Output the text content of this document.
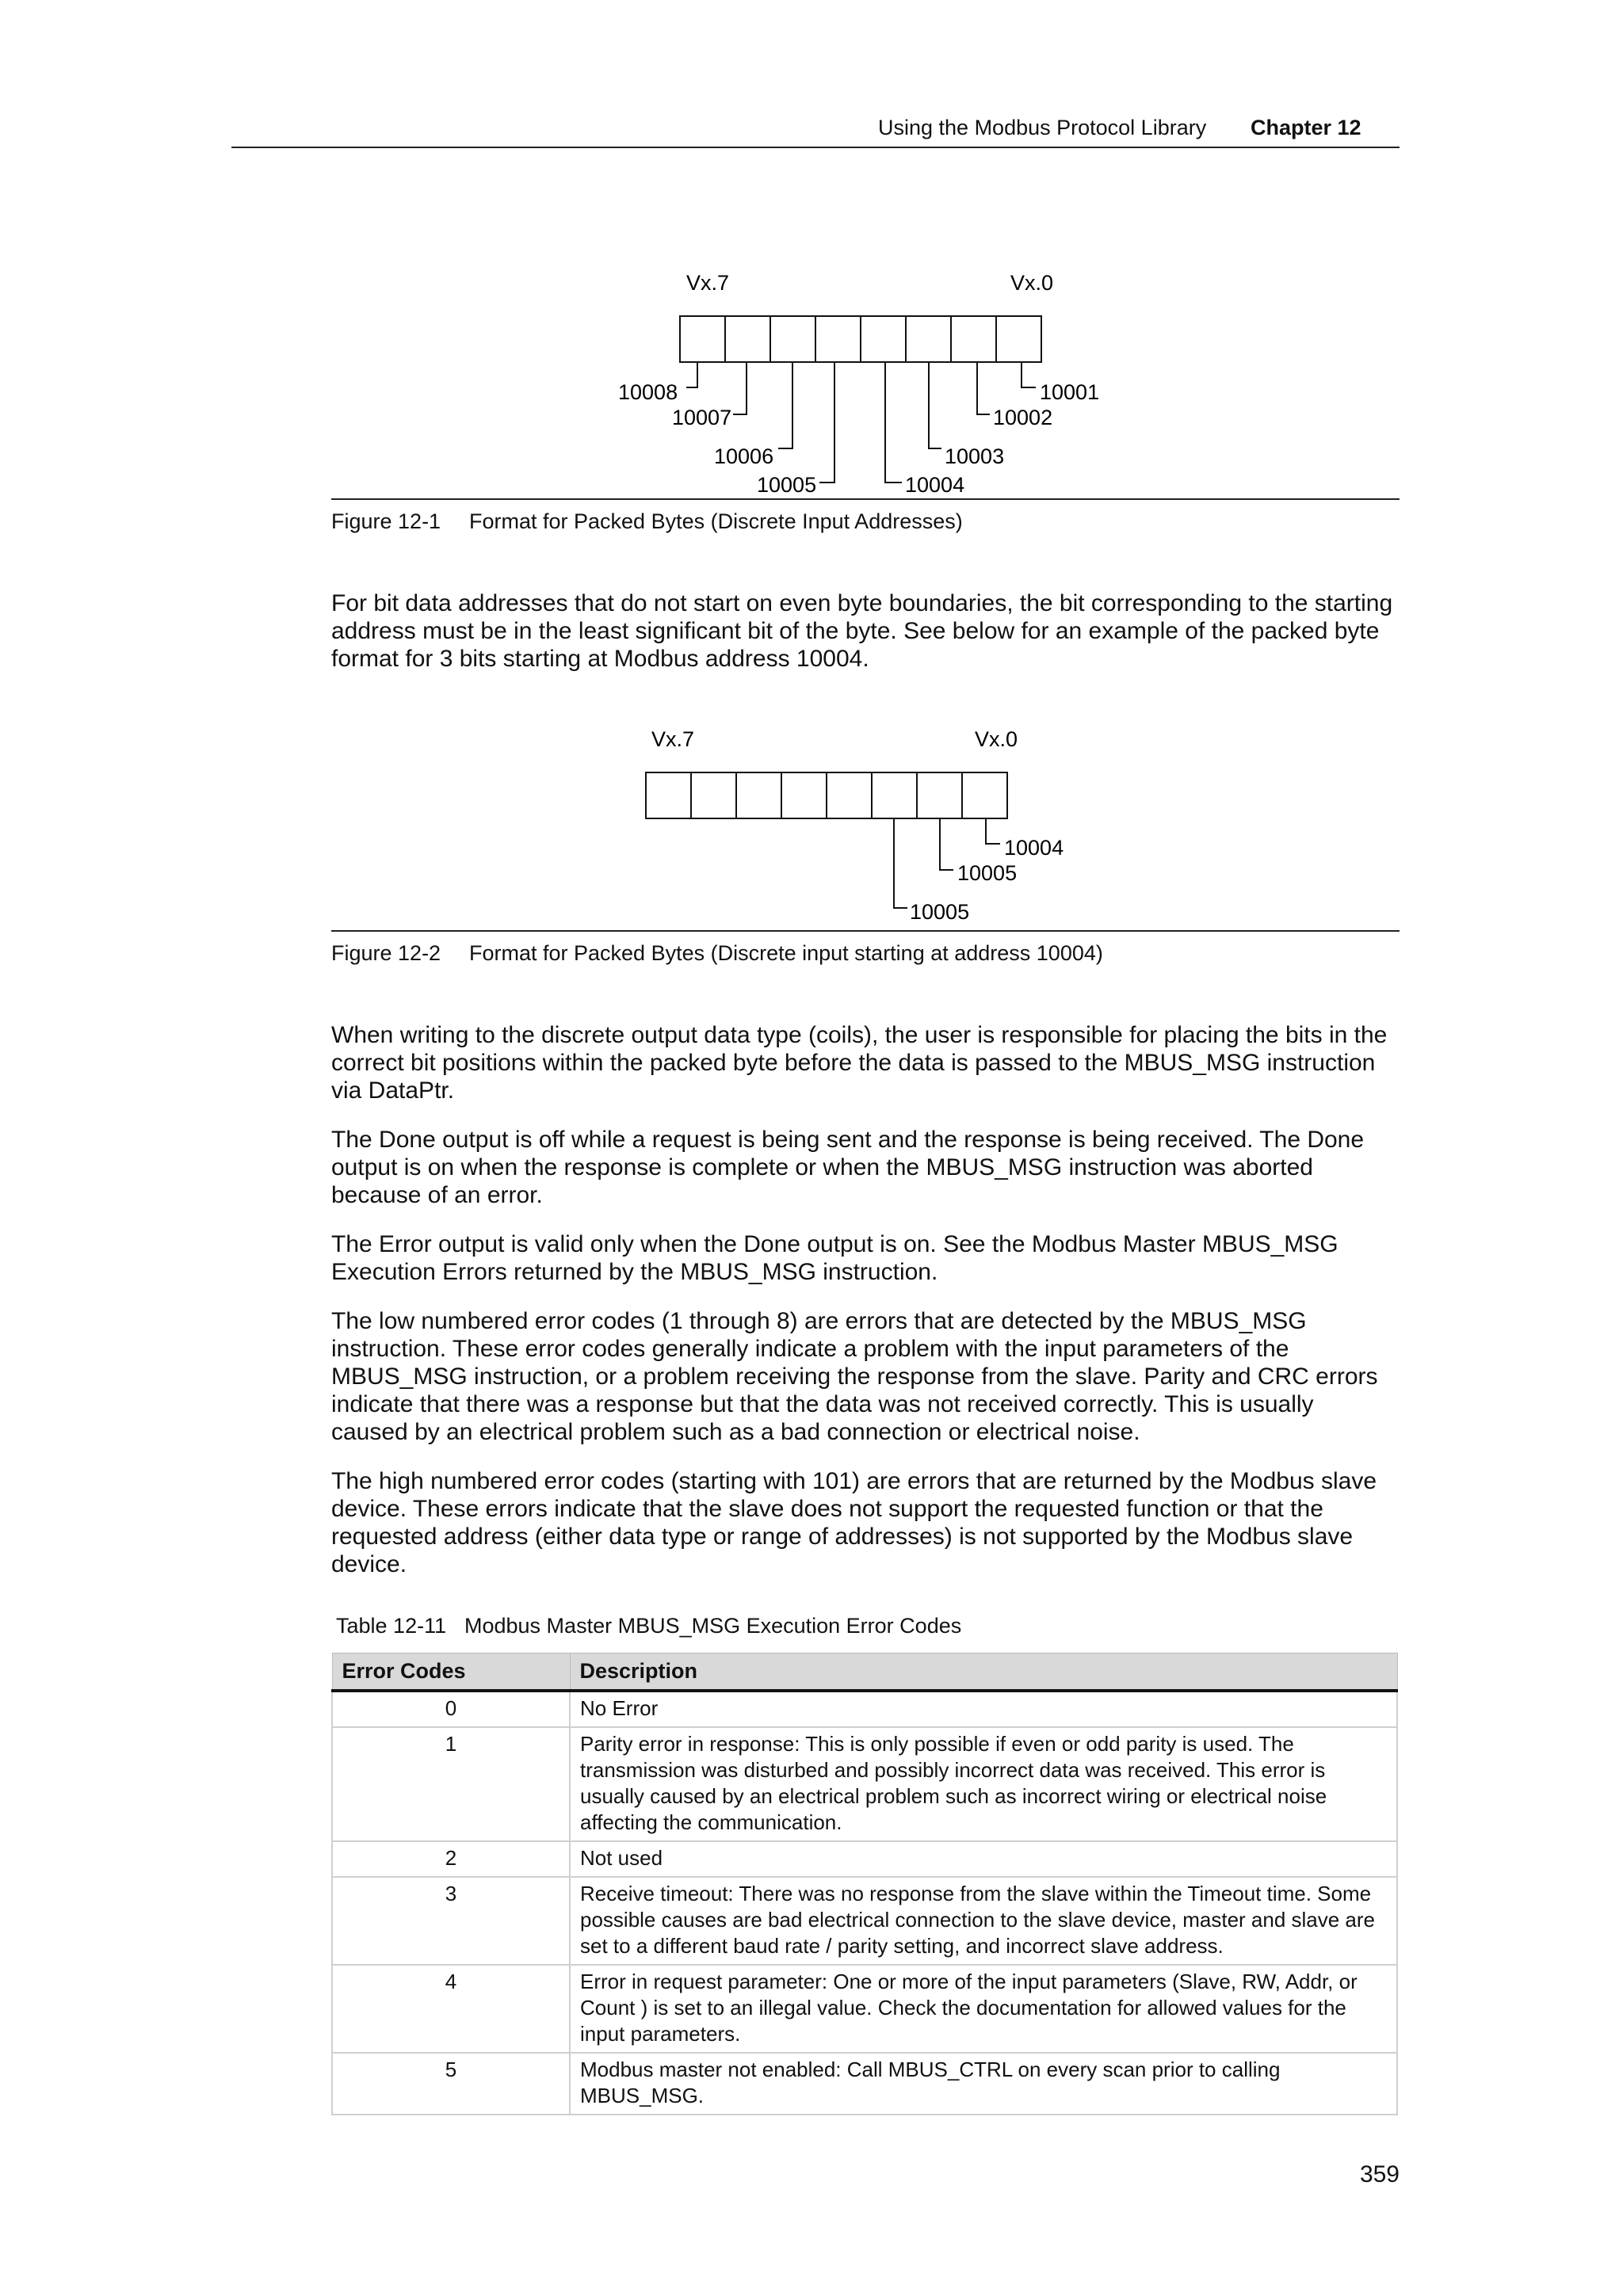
Using the Modbus Protocol Library Chapter 12
Vx.7	Vx.0
10008
10007
10006
10005	10004
10003
10002
10001
Figure 12-1 Format for Packed Bytes (Discrete Input Addresses)
For bit data addresses that do not start on even byte boundaries, the bit corresponding to the starting address must be in the least significant bit of the byte. See below for an example of the packed byte format for 3 bits starting at Modbus address 10004.
Vx.7	Vx.0
10004
10005
10005
Figure 12-2 Format for Packed Bytes (Discrete input starting at address 10004)
When writing to the discrete output data type (coils), the user is responsible for placing the bits in the correct bit positions within the packed byte before the data is passed to the MBUS_MSG instruction via DataPtr.
The Done output is off while a request is being sent and the response is being received. The Done output is on when the response is complete or when the MBUS_MSG instruction was aborted because of an error.
The Error output is valid only when the Done output is on. See the Modbus Master MBUS_MSG Execution Errors returned by the MBUS_MSG instruction.
The low numbered error codes (1 through 8) are errors that are detected by the MBUS_MSG instruction. These error codes generally indicate a problem with the input parameters of the MBUS_MSG instruction, or a problem receiving the response from the slave. Parity and CRC errors indicate that there was a response but that the data was not received correctly. This is usually caused by an electrical problem such as a bad connection or electrical noise.
The high numbered error codes (starting with 101) are errors that are returned by the Modbus slave device. These errors indicate that the slave does not support the requested function or that the requested address (either data type or range of addresses) is not supported by the Modbus slave device.
Table 12-11 Modbus Master MBUS_MSG Execution Error Codes
Error Codes	Description
0	No Error
1	Parity error in response: This is only possible if even or odd parity is used. The transmission was disturbed and possibly incorrect data was received. This error is usually caused by an electrical problem such as incorrect wiring or electrical noise affecting the communication.
2	Not used
3	Receive timeout: There was no response from the slave within the Timeout time. Some possible causes are bad electrical connection to the slave device, master and slave are set to a different baud rate / parity setting, and incorrect slave address.
4	Error in request parameter: One or more of the input parameters (Slave, RW, Addr, or Count ) is set to an illegal value. Check the documentation for allowed values for the input parameters.
5	Modbus master not enabled: Call MBUS_CTRL on every scan prior to calling MBUS_MSG.
359
